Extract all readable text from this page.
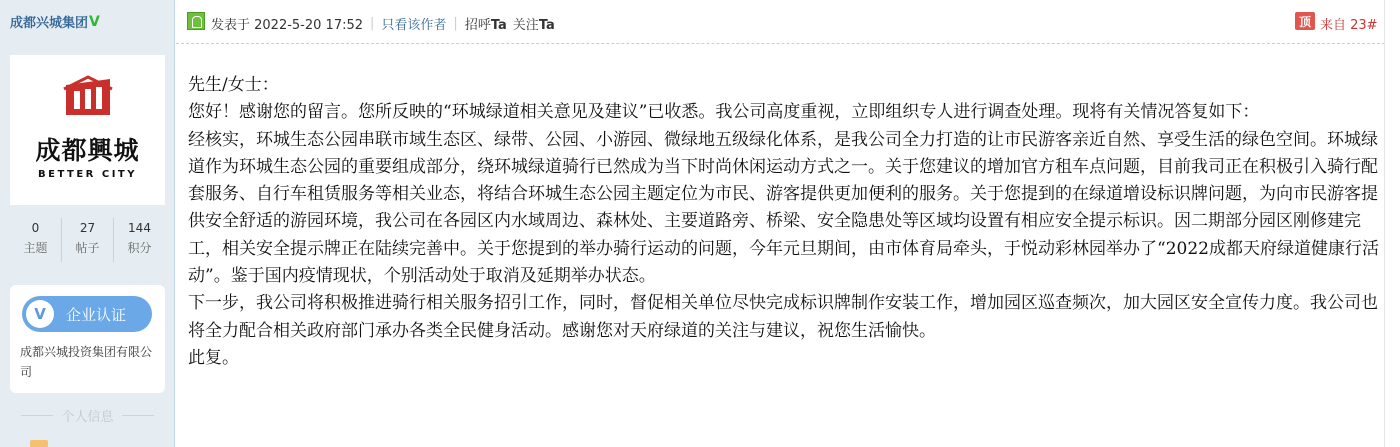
成都兴城集团 V
成都興城
BETTER CITY
0
主题
27
帖子
144
积分
V	企业认证
成都兴城投资集团有限公司
个人信息
发表于 2022-5-20 17:52 | 只看该作者 | 招呼Ta 关注Ta	顶 来自 23#

先生/女士：

您好！感谢您的留言。您所反映的“环城绿道相关意见及建议”已收悉。我公司高度重视，立即组织专人进行调查处理。现将有关情况答复如下：

经核实，环城生态公园串联市域生态区、绿带、公园、小游园、微绿地五级绿化体系，是我公司全力打造的让市民游客亲近自然、享受生活的绿色空间。环城绿道作为环城生态公园的重要组成部分，绕环城绿道骑行已然成为当下时尚休闲运动方式之一。关于您建议的增加官方租车点问题，目前我司正在积极引入骑行配套服务、自行车租赁服务等相关业态，将结合环城生态公园主题定位为市民、游客提供更加便利的服务。关于您提到的在绿道增设标识牌问题，为向市民游客提供安全舒适的游园环境，我公司在各园区内水域周边、森林处、主要道路旁、桥梁、安全隐患处等区域均设置有相应安全提示标识。因二期部分园区刚修建完工，相关安全提示牌正在陆续完善中。关于您提到的举办骑行运动的问题，今年元旦期间，由市体育局牵头，于悦动彩林园举办了“2022成都天府绿道健康行活动”。鉴于国内疫情现状，个别活动处于取消及延期举办状态。

下一步，我公司将积极推进骑行相关服务招引工作，同时，督促相关单位尽快完成标识牌制作安装工作，增加园区巡查频次，加大园区安全宣传力度。我公司也将全力配合相关政府部门承办各类全民健身活动。感谢您对天府绿道的关注与建议，祝您生活愉快。

此复。
